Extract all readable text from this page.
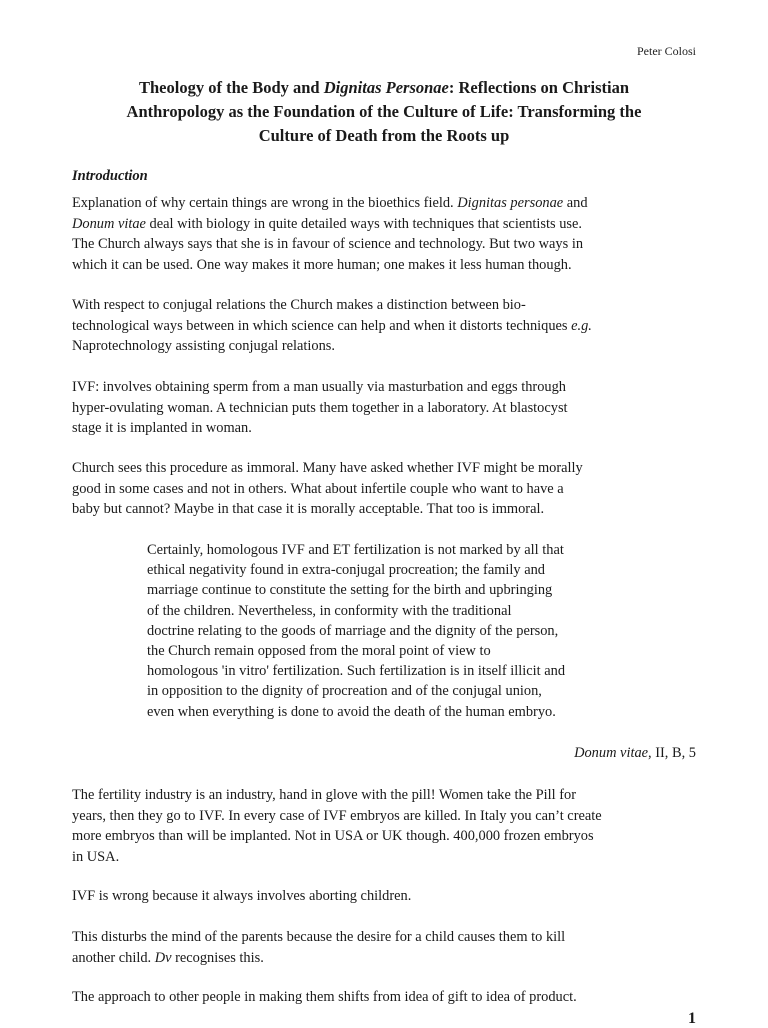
Peter Colosi
Theology of the Body and Dignitas Personae: Reflections on Christian
Anthropology as the Foundation of the Culture of Life: Transforming the
Culture of Death from the Roots up
Introduction
Explanation of why certain things are wrong in the bioethics field. Dignitas personae and
Donum vitae deal with biology in quite detailed ways with techniques that scientists use.
The Church always says that she is in favour of science and technology. But two ways in
which it can be used. One way makes it more human; one makes it less human though.
With respect to conjugal relations the Church makes a distinction between bio-
technological ways between in which science can help and when it distorts techniques e.g.
Naprotechnology assisting conjugal relations.
IVF: involves obtaining sperm from a man usually via masturbation and eggs through
hyper-ovulating woman. A technician puts them together in a laboratory. At blastocyst
stage it is implanted in woman.
Church sees this procedure as immoral. Many have asked whether IVF might be morally
good in some cases and not in others. What about infertile couple who want to have a
baby but cannot? Maybe in that case it is morally acceptable. That too is immoral.
Certainly, homologous IVF and ET fertilization is not marked by all that
ethical negativity found in extra-conjugal procreation; the family and
marriage continue to constitute the setting for the birth and upbringing
of the children. Nevertheless, in conformity with the traditional
doctrine relating to the goods of marriage and the dignity of the person,
the Church remain opposed from the moral point of view to
homologous 'in vitro' fertilization. Such fertilization is in itself illicit and
in opposition to the dignity of procreation and of the conjugal union,
even when everything is done to avoid the death of the human embryo.
Donum vitae, II, B, 5
The fertility industry is an industry, hand in glove with the pill! Women take the Pill for
years, then they go to IVF. In every case of IVF embryos are killed. In Italy you can’t create
more embryos than will be implanted. Not in USA or UK though. 400,000 frozen embryos
in USA.
IVF is wrong because it always involves aborting children.
This disturbs the mind of the parents because the desire for a child causes them to kill
another child. Dv recognises this.
The approach to other people in making them shifts from idea of gift to idea of product.
1
